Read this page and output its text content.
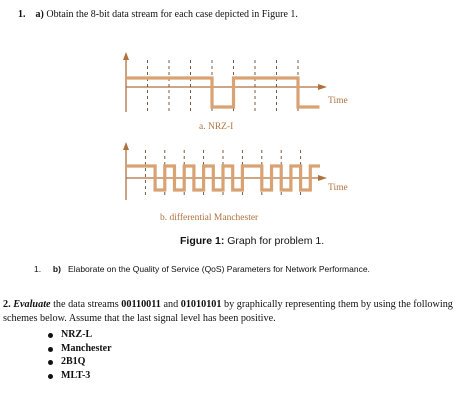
1. a) Obtain the 8-bit data stream for each case depicted in Figure 1.
Time
a. NRZ-I
Time
b. differential Manchester
Figure 1: Graph for problem 1.
1. b) Elaborate on the Quality of Service (QoS) Parameters for Network Performance.
2. Evaluate the data streams 00110011 and 01010101 by graphically representing them by using the following schemes below. Assume that the last signal level has been positive.
NRZ-L
Manchester
2B1Q
MLT-3
